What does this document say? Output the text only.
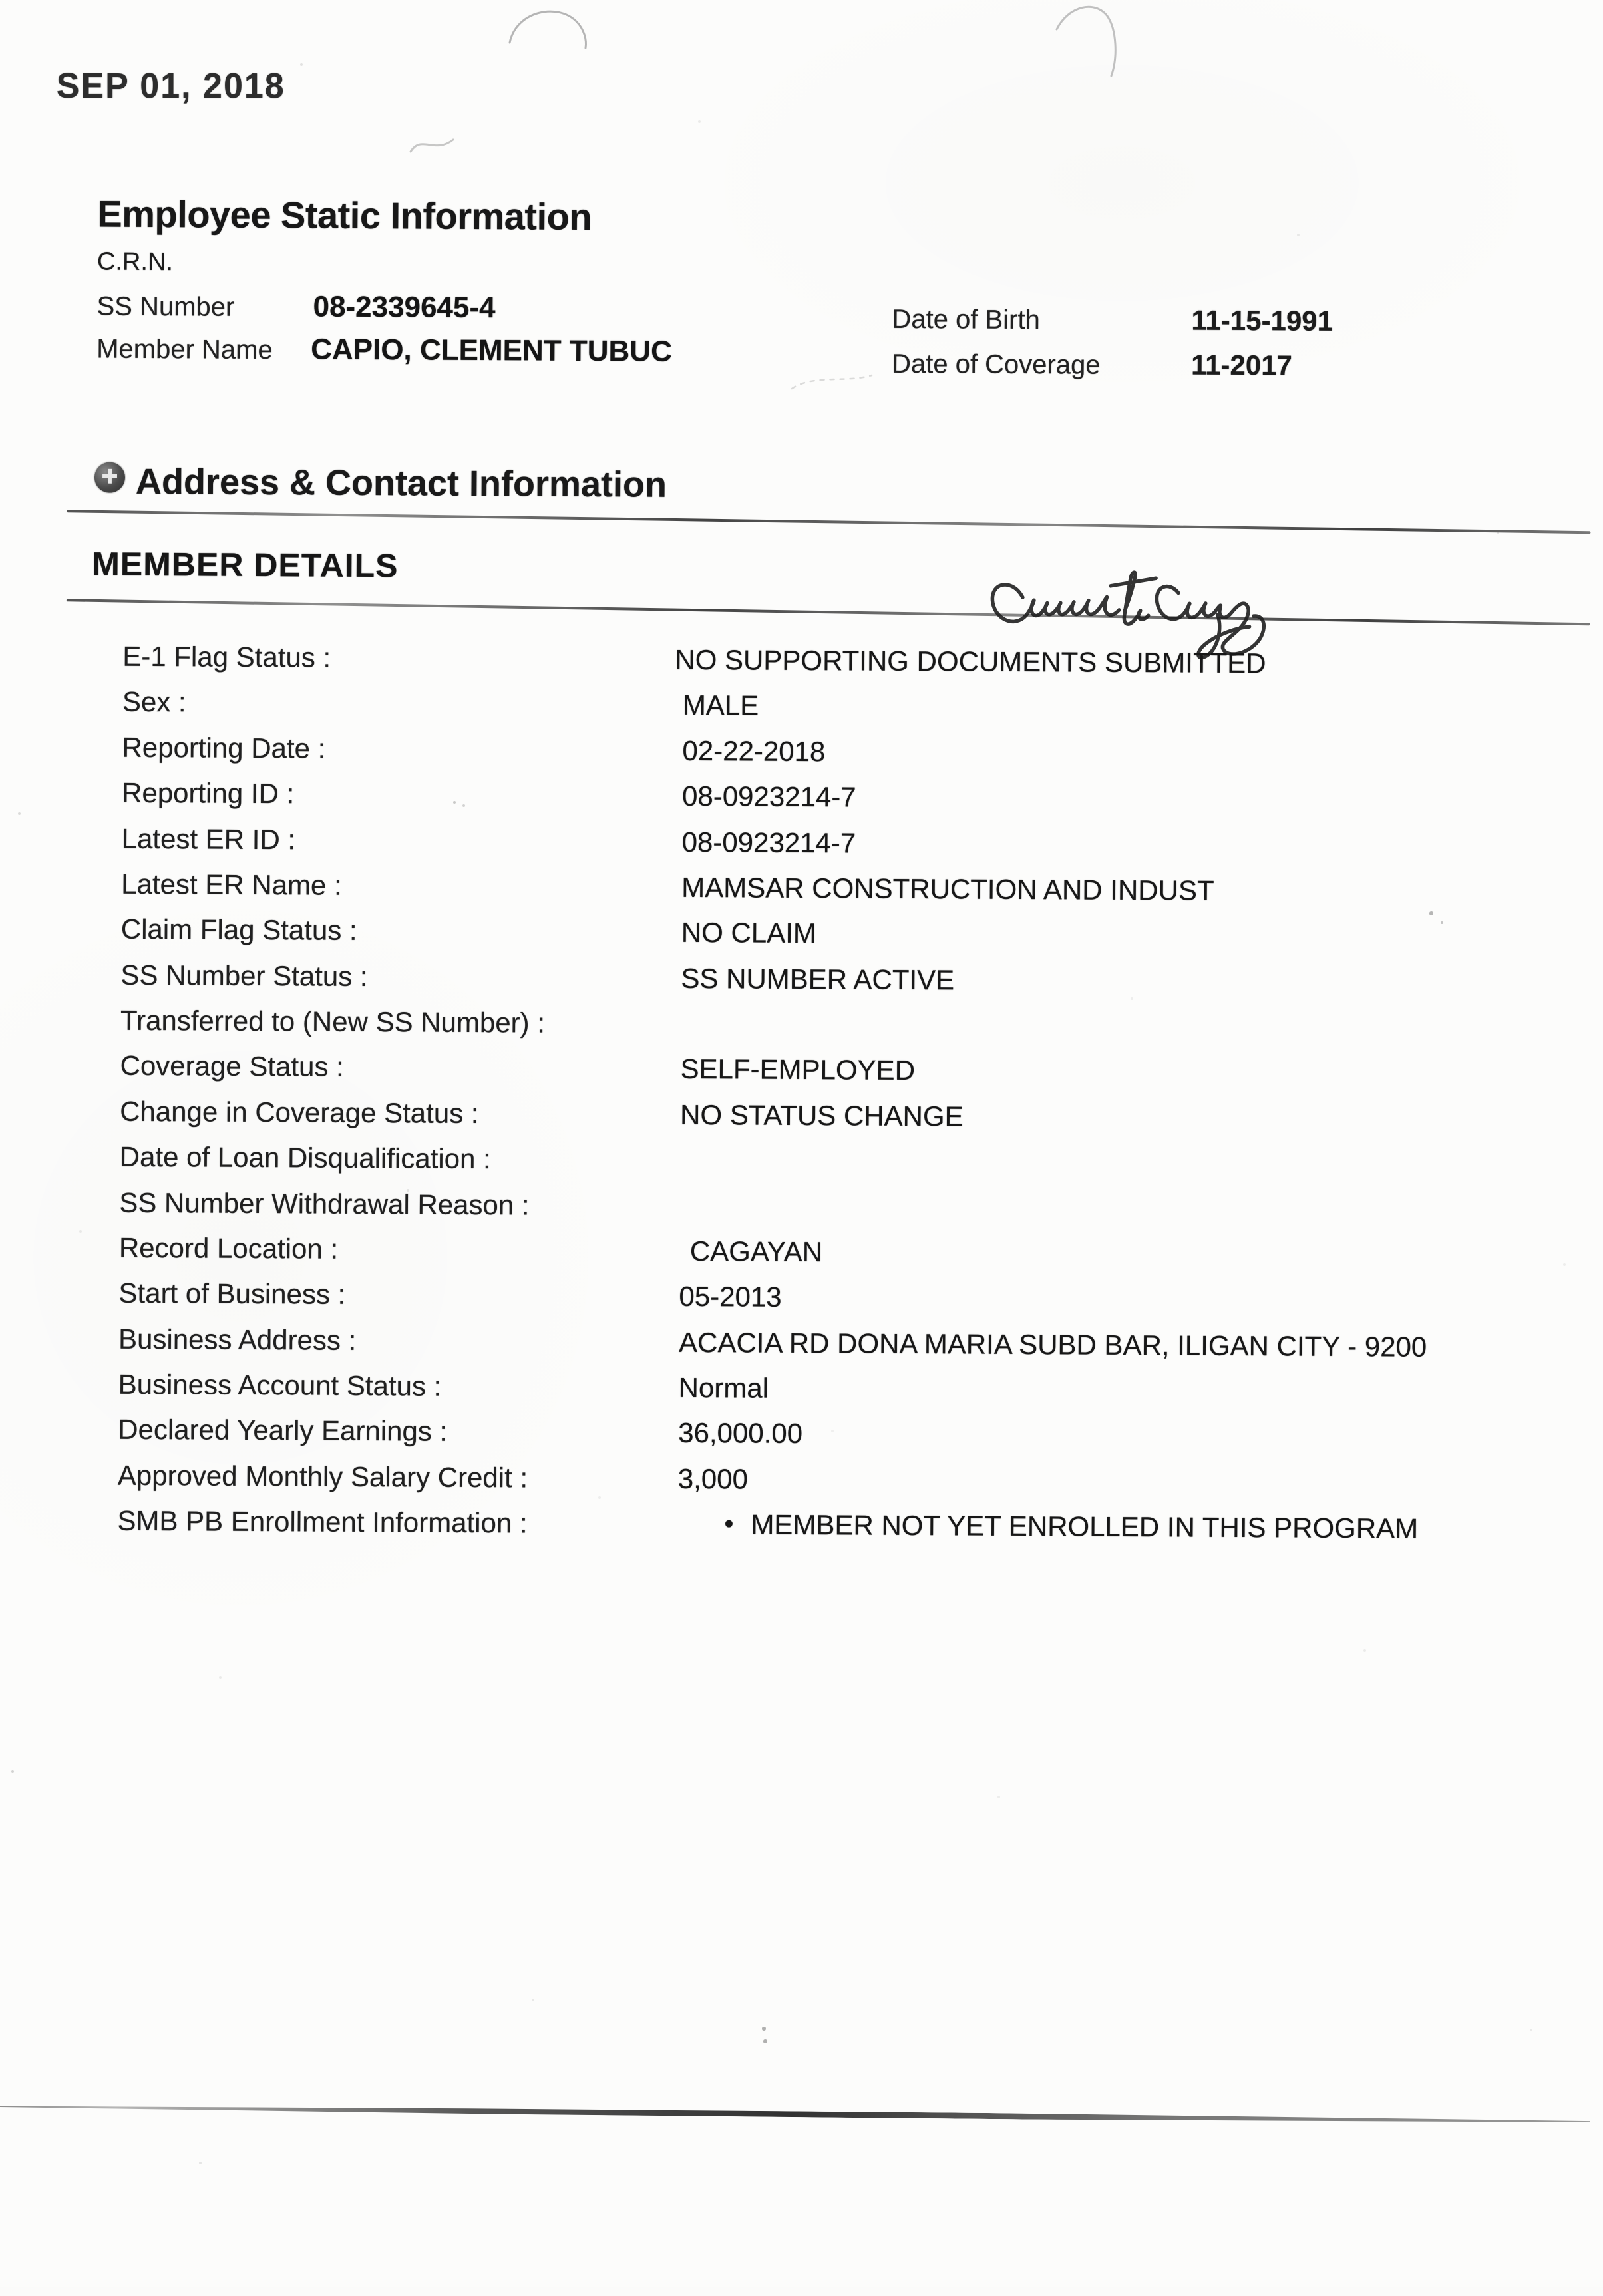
SEP 01, 2018
Employee Static Information
C.R.N.
SS Number	08-2339645-4
Member Name CAPIO, CLEMENT TUBUC
Date of Birth	11-15-1991
Date of Coverage	11-2017
✚ Address & Contact Information
MEMBER DETAILS
E-1 Flag Status :	NO SUPPORTING DOCUMENTS SUBMITTED
Sex :	MALE
Reporting Date :	02-22-2018
Reporting ID :	08-0923214-7
Latest ER ID :	08-0923214-7
Latest ER Name :	MAMSAR CONSTRUCTION AND INDUST
Claim Flag Status :	NO CLAIM
SS Number Status :	SS NUMBER ACTIVE
Transferred to (New SS Number) :
Coverage Status :	SELF-EMPLOYED
Change in Coverage Status :	NO STATUS CHANGE
Date of Loan Disqualification :
SS Number Withdrawal Reason :
Record Location :	CAGAYAN
Start of Business :	05-2013
Business Address :	ACACIA RD DONA MARIA SUBD BAR, ILIGAN CITY - 9200
Business Account Status :	Normal
Declared Yearly Earnings :	36,000.00
Approved Monthly Salary Credit :	3,000
SMB PB Enrollment Information :	• MEMBER NOT YET ENROLLED IN THIS PROGRAM
